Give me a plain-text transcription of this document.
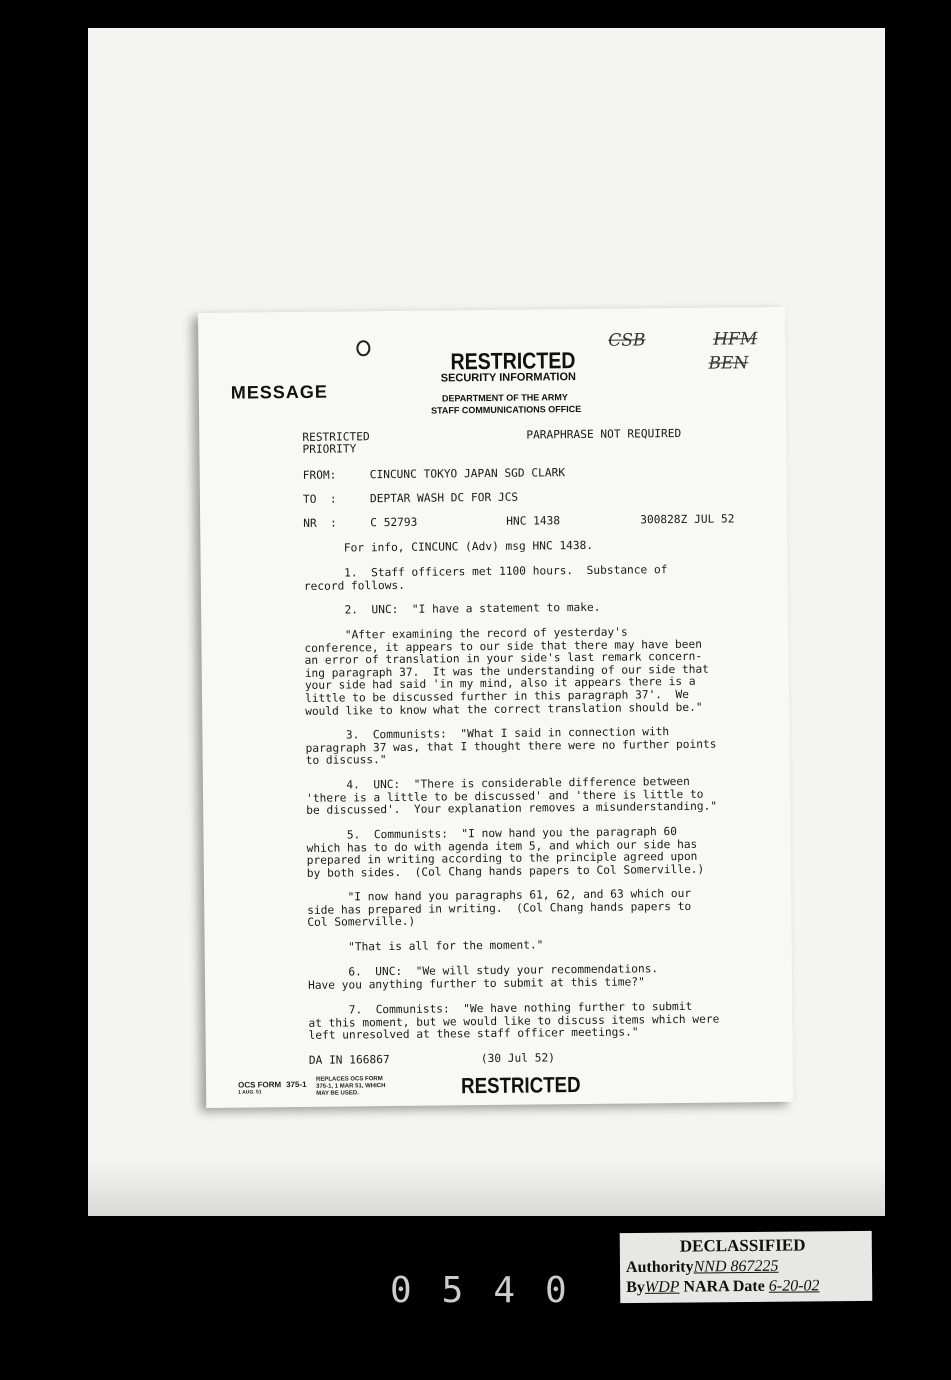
MESSAGE
RESTRICTED
SECURITY INFORMATION
DEPARTMENT OF THE ARMY
STAFF COMMUNICATIONS OFFICE
CSB	HFM
BEN
RESTRICTED
PRIORITY
PARAPHRASE NOT REQUIRED
FROM:	CINCUNC TOKYO JAPAN SGD CLARK
TO  :	DEPTAR WASH DC FOR JCS
NR  :	C 52793	HNC 1438	300828Z JUL 52
For info, CINCUNC (Adv) msg HNC 1438.
1.  Staff officers met 1100 hours.  Substance of
record follows.
2.  UNC:  "I have a statement to make.
"After examining the record of yesterday's
conference, it appears to our side that there may have been
an error of translation in your side's last remark concern-
ing paragraph 37.  It was the understanding of our side that
your side had said 'in my mind, also it appears there is a
little to be discussed further in this paragraph 37'.  We
would like to know what the correct translation should be."
3.  Communists:  "What I said in connection with
paragraph 37 was, that I thought there were no further points
to discuss."
4.  UNC:  "There is considerable difference between
'there is a little to be discussed' and 'there is little to
be discussed'.  Your explanation removes a misunderstanding."
5.  Communists:  "I now hand you the paragraph 60
which has to do with agenda item 5, and which our side has
prepared in writing according to the principle agreed upon
by both sides.  (Col Chang hands papers to Col Somerville.)
"I now hand you paragraphs 61, 62, and 63 which our
side has prepared in writing.  (Col Chang hands papers to
Col Somerville.)
"That is all for the moment."
6.  UNC:  "We will study your recommendations.
Have you anything further to submit at this time?"
7.  Communists:  "We have nothing further to submit
at this moment, but we would like to discuss items which were
left unresolved at these staff officer meetings."
DA IN 166867	(30 Jul 52)
OCS FORM
1 AUG. 51
375-1
REPLACES OCS FORM 375-1, 1 MAR 51, WHICH MAY BE USED.	RESTRICTED
0540
DECLASSIFIED
AuthorityNND 867225
ByWDP NARA Date 6-20-02
